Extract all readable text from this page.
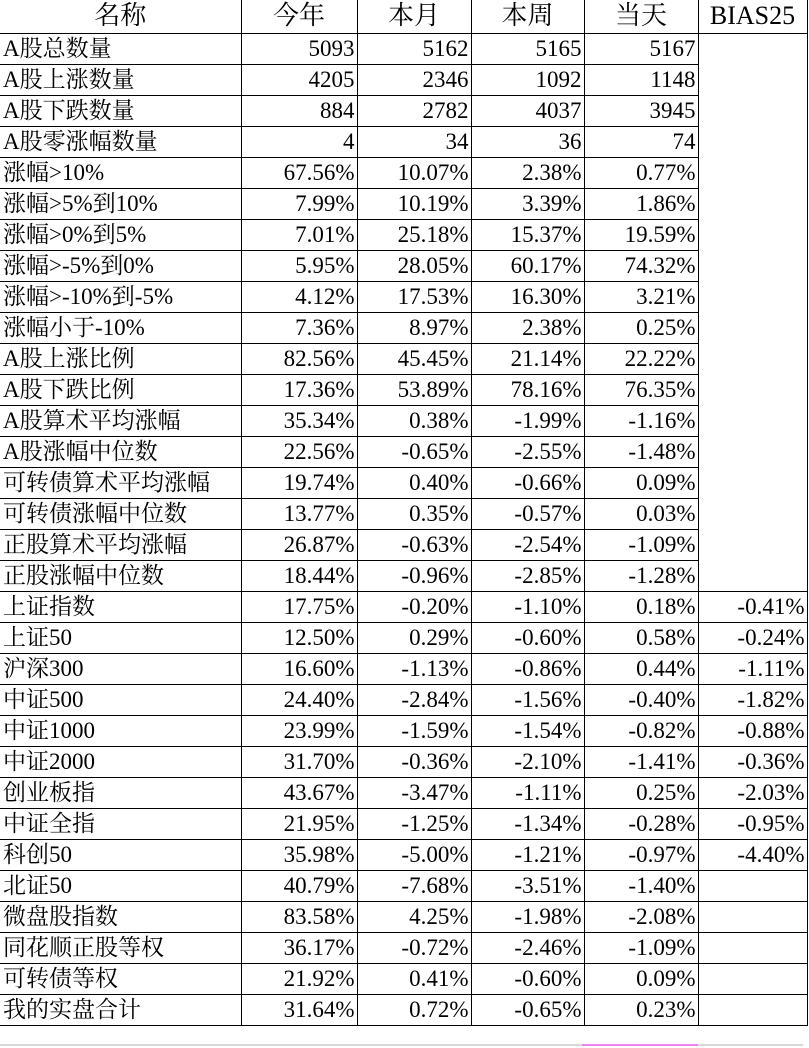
名称	今年	本月	本周	当天	BIAS25
A股总数量	5093	5162	5165	5167	
A股上涨数量	4205	2346	1092	1148	
A股下跌数量	884	2782	4037	3945	
A股零涨幅数量	4	34	36	74	
涨幅>10%	67.56%	10.07%	2.38%	0.77%	
涨幅>5%到10%	7.99%	10.19%	3.39%	1.86%	
涨幅>0%到5%	7.01%	25.18%	15.37%	19.59%	
涨幅>-5%到0%	5.95%	28.05%	60.17%	74.32%	
涨幅>-10%到-5%	4.12%	17.53%	16.30%	3.21%	
涨幅小于-10%	7.36%	8.97%	2.38%	0.25%	
A股上涨比例	82.56%	45.45%	21.14%	22.22%	
A股下跌比例	17.36%	53.89%	78.16%	76.35%	
A股算术平均涨幅	35.34%	0.38%	-1.99%	-1.16%	
A股涨幅中位数	22.56%	-0.65%	-2.55%	-1.48%	
可转债算术平均涨幅	19.74%	0.40%	-0.66%	0.09%	
可转债涨幅中位数	13.77%	0.35%	-0.57%	0.03%	
正股算术平均涨幅	26.87%	-0.63%	-2.54%	-1.09%	
正股涨幅中位数	18.44%	-0.96%	-2.85%	-1.28%	
上证指数	17.75%	-0.20%	-1.10%	0.18%	-0.41%
上证50	12.50%	0.29%	-0.60%	0.58%	-0.24%
沪深300	16.60%	-1.13%	-0.86%	0.44%	-1.11%
中证500	24.40%	-2.84%	-1.56%	-0.40%	-1.82%
中证1000	23.99%	-1.59%	-1.54%	-0.82%	-0.88%
中证2000	31.70%	-0.36%	-2.10%	-1.41%	-0.36%
创业板指	43.67%	-3.47%	-1.11%	0.25%	-2.03%
中证全指	21.95%	-1.25%	-1.34%	-0.28%	-0.95%
科创50	35.98%	-5.00%	-1.21%	-0.97%	-4.40%
北证50	40.79%	-7.68%	-3.51%	-1.40%	
微盘股指数	83.58%	4.25%	-1.98%	-2.08%	
同花顺正股等权	36.17%	-0.72%	-2.46%	-1.09%	
可转债等权	21.92%	0.41%	-0.60%	0.09%	
我的实盘合计	31.64%	0.72%	-0.65%	0.23%	
